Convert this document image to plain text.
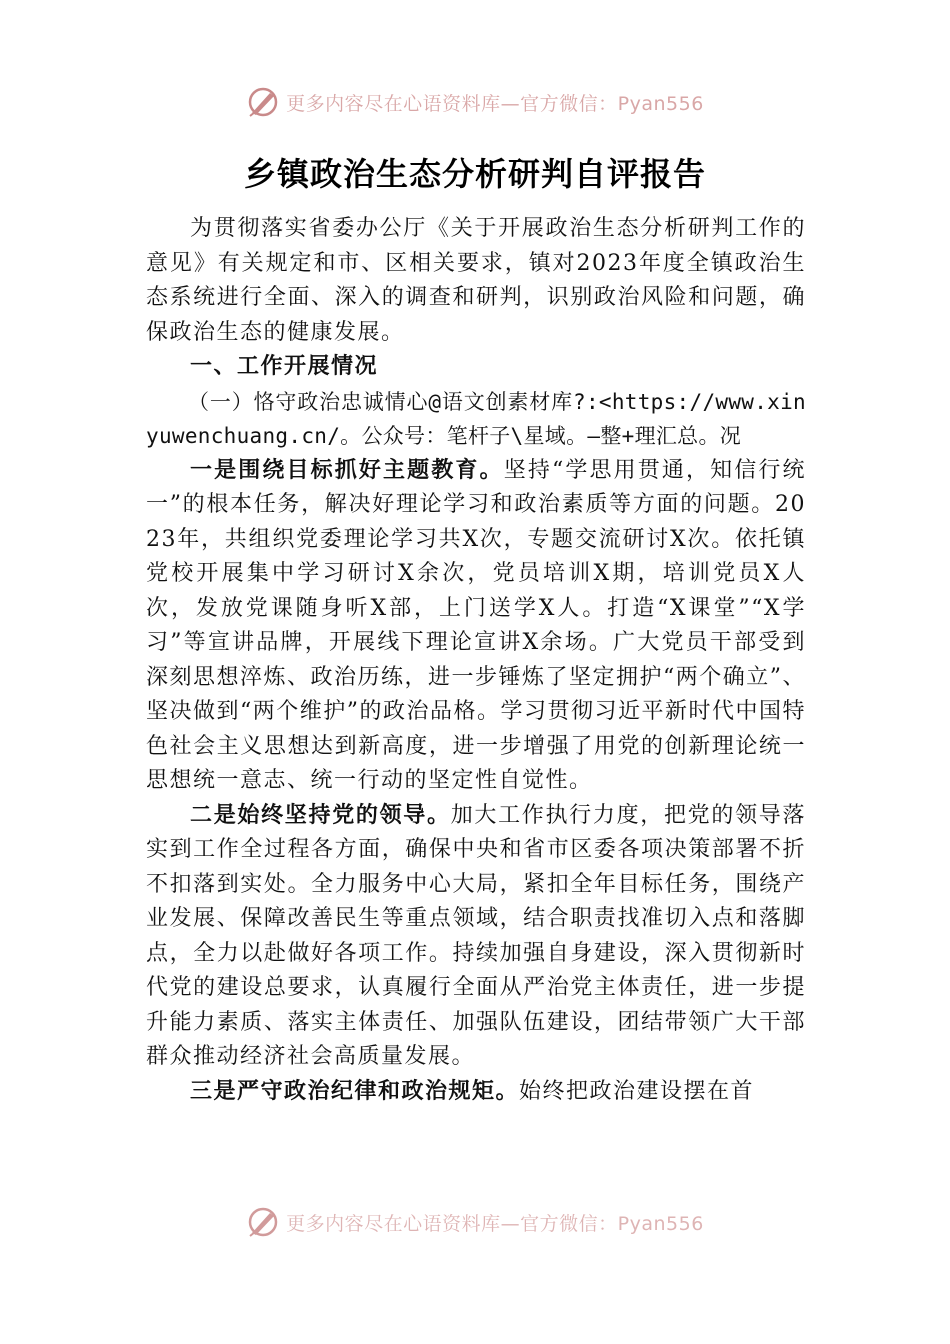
更多内容尽在心语资料库—官方微信：Pyan556
乡镇政治生态分析研判自评报告

为贯彻落实省委办公厅《关于开展政治生态分析研判工作的意见》有关规定和市、区相关要求，镇对2023年度全镇政治生态系统进行全面、深入的调查和研判，识别政治风险和问题，确保政治生态的健康发展。

一、工作开展情况

（一）恪守政治忠诚情心@语文创素材库?:<https://www.xinyuwenchuang.cn/。公众号：笔杆子\星域。—整+理汇总。况

一是围绕目标抓好主题教育。坚持“学思用贯通，知信行统一”的根本任务，解决好理论学习和政治素质等方面的问题。2023年，共组织党委理论学习共X次，专题交流研讨X次。依托镇党校开展集中学习研讨X余次，党员培训X期，培训党员X人次，发放党课随身听X部，上门送学X人。打造“X课堂”“X学习”等宣讲品牌，开展线下理论宣讲X余场。广大党员干部受到深刻思想淬炼、政治历练，进一步锤炼了坚定拥护“两个确立”、坚决做到“两个维护”的政治品格。学习贯彻习近平新时代中国特色社会主义思想达到新高度，进一步增强了用党的创新理论统一思想统一意志、统一行动的坚定性自觉性。

二是始终坚持党的领导。加大工作执行力度，把党的领导落实到工作全过程各方面，确保中央和省市区委各项决策部署不折不扣落到实处。全力服务中心大局，紧扣全年目标任务，围绕产业发展、保障改善民生等重点领域，结合职责找准切入点和落脚点，全力以赴做好各项工作。持续加强自身建设，深入贯彻新时代党的建设总要求，认真履行全面从严治党主体责任，进一步提升能力素质、落实主体责任、加强队伍建设，团结带领广大干部群众推动经济社会高质量发展。

三是严守政治纪律和政治规矩。始终把政治建设摆在首

更多内容尽在心语资料库—官方微信：Pyan556
